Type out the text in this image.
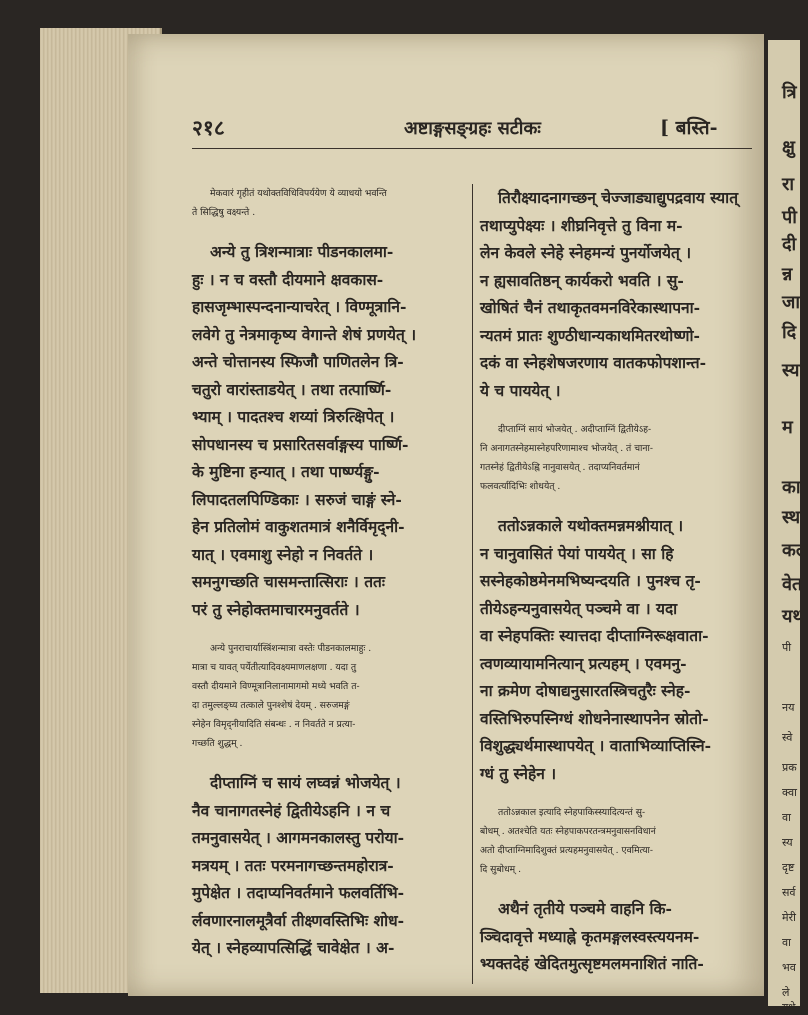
२१८	अष्टाङ्गसङ्ग्रहः सटीकः	[ बस्ति-
मेकवारं गृहीतं यथोक्तविधिविपर्ययेण ये व्याधयो भवन्ति
ते सिद्धिषु वक्ष्यन्ते .
अन्ये तु त्रिशन्मात्राः पीडनकालमा-
हुः । न च वस्तौ दीयमाने क्षवकास-
हासजृम्भास्पन्दनान्याचरेत् । विण्मूत्रानि-
लवेगे तु नेत्रमाकृष्य वेगान्ते शेषं प्रणयेत् ।
अन्ते चोत्तानस्य स्फिजौ पाणितलेन त्रि-
चतुरो वारांस्ताडयेत् । तथा तत्पार्ष्णि-
भ्याम् । पादतश्च शय्यां त्रिरुत्क्षिपेत् ।
सोपधानस्य च प्रसारितसर्वाङ्गस्य पार्ष्णि-
के मुष्टिना हन्यात् । तथा पार्ष्ण्यङ्गु-
लिपादतलपिण्डिकाः । सरुजं चाङ्गं स्ने-
हेन प्रतिलोमं वाकुशतमात्रं शनैर्विमृद्नी-
यात् । एवमाशु स्नेहो न निवर्तते ।
समनुगच्छति चासमन्तात्सिराः । ततः
परं तु स्नेहोक्तमाचारमनुवर्तते ।
अन्ये पुनराचार्यास्त्रिंशन्मात्रा वस्तेः पीडनकालमाहुः .
मात्रा च यावत् पर्येतीत्यादिवक्ष्यमाणलक्षणा . यदा तु
वस्तौ दीयमाने विण्मूत्रानिलानामागमो मध्ये भवति त-
दा तमुल्लङ्घ्य तत्काले पुनश्शेषं देयम् . सरुजमङ्गं
स्नेहेन विमृद्नीयादिति संबन्धः . न निवर्तते न प्रत्या-
गच्छति शुद्धम् .
दीप्ताग्निं च सायं लघ्वन्नं भोजयेत् ।
नैव चानागतस्नेहं द्वितीयेऽहनि । न च
तमनुवासयेत् । आगमनकालस्तु परोया-
मत्रयम् । ततः परमनागच्छन्तमहोरात्र-
मुपेक्षेत । तदाप्यनिवर्तमाने फलवर्तिभि-
र्लवणारनालमूत्रैर्वा तीक्ष्णवस्तिभिः शोध-
येत् । स्नेहव्यापत्सिद्धिं चावेक्षेत । अ-
तिरौक्ष्यादनागच्छन् चेज्जाड्याद्युपद्रवाय स्यात्
तथाप्युपेक्ष्यः । शीघ्रनिवृत्ते तु विना म-
लेन केवले स्नेहे स्नेहमन्यं पुनर्योजयेत् ।
न ह्यसावतिष्ठन् कार्यकरो भवति । सु-
खोषितं चैनं तथाकृतवमनविरेकास्थापना-
न्यतमं प्रातः शुण्ठीधान्यकाथमितरथोष्णो-
दकं वा स्नेहशेषजरणाय वातकफोपशान्त-
ये च पाययेत् ।
दीप्ताग्निं सायं भोजयेत् . अदीप्ताग्निं द्वितीयेऽह-
नि अनागतस्नेहमास्नेहपरिणामाश्च भोजयेत् . तं चाना-
गतस्नेहं द्वितीयेऽह्नि नानुवासयेत् . तदाप्यनिवर्तमानं
फलवर्त्यादिभिः शोधयेत् .
ततोऽन्नकाले यथोक्तमन्नमश्नीयात् ।
न चानुवासितं पेयां पाययेत् । सा हि
सस्नेहकोष्ठमेनमभिष्यन्दयति । पुनश्च तृ-
तीयेऽहन्यनुवासयेत् पञ्चमे वा । यदा
वा स्नेहपक्तिः स्यात्तदा दीप्ताग्निरूक्षवाता-
त्वणव्यायामनित्यान् प्रत्यहम् । एवमनु-
ना क्रमेण दोषाद्यनुसारतस्त्रिचतुरैः स्नेह-
वस्तिभिरुपस्निग्धं शोधनेनास्थापनेन स्रोतो-
विशुद्ध्यर्थमास्थापयेत् । वाताभिव्याप्तिस्नि-
ग्धं तु स्नेहेन ।
ततोऽन्नकाल इत्यादि स्नेहपाकिस्स्यादित्यन्तं सु-
बोधम् . अतश्चेति यतः स्नेहपाकपरतन्त्रमनुवासनविधानं
अतो दीप्ताग्निमादिशुक्तं प्रत्यहमनुवासयेत् . एवमित्या-
दि सुबोधम् .
अथैनं तृतीये पञ्चमे वाहनि कि-
ञ्चिदावृत्ते मध्याह्ने कृतमङ्गलस्वस्त्ययनम-
भ्यक्तदेहं खेदितमुत्सृष्टमलमनाशितं नाति-
त्रि
क्षु
रा
पी
दी
न्न
जा
दि
स्या
म
का
स्थ
कल
वेत
यथ
पी
नय
स्वे
प्रक
क्वा
वा
स्य
दृष्ट
सर्व
मेरी
वा
भव
ले
यथे
